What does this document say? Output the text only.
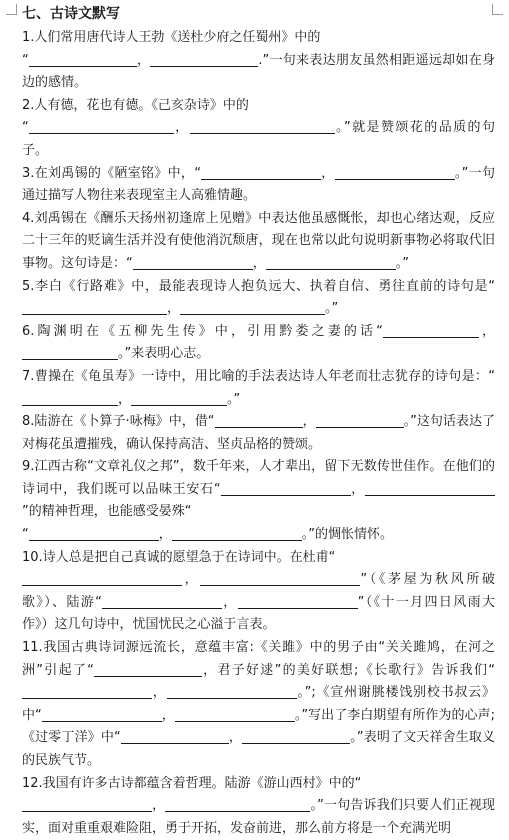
七、古诗文默写

1.人们常用唐代诗人王勃《送杜少府之任蜀州》中的
“	，	.”一句来表达朋友虽然相距遥远却如在身边的感情。

2.人有德，花也有德。《己亥杂诗》中的
“	，	。”就是赞颂花的品质的句子。

3.在刘禹锡的《陋室铭》中，“	，	。”一句通过描写人物往来表现室主人高雅情趣。

4.刘禹锡在《酬乐天扬州初逢席上见赠》中表达他虽感慨怅，却也心绪达观，反应二十三年的贬谪生活并没有使他消沉颓唐，现在也常以此句说明新事物必将取代旧事物。这句诗是：“	，	。”

5.李白《行路难》中，最能表现诗人抱负远大、执着自信、勇往直前的诗句是“，	。”

6.陶渊明在《五柳先生传》中，引用黔娄之妻的话“	，。”来表明心志。

7.曹操在《龟虽寿》一诗中，用比喻的手法表达诗人年老而壮志犹存的诗句是：“，	。”

8.陆游在《卜算子·咏梅》中，借“	，	。”这句话表达了对梅花虽遭摧残，确认保持高洁、坚贞品格的赞颂。

9.江西古称“文章礼仪之邦”，数千年来，人才辈出，留下无数传世佳作。在他们的诗词中，我们既可以品味王安石“	，”的精神哲理，也能感受晏殊“
“	，	。”的惆怅情怀。

10.诗人总是把自己真诚的愿望急于在诗词中。在杜甫“
，	”（《茅屋为秋风所破歌》）、陆游“	，	”（《十一月四日风雨大作》）这几句诗中，忧国忧民之心溢于言表。

11.我国古典诗词源远流长，意蕴丰富:《关雎》中的男子由“关关雎鸠，在河之洲”引起了“	，君子好逑”的美好联想;《长歌行》告诉我们“，	。”;《宣州谢朓楼饯别校书叔云》中“	，	。”写出了李白期望有所作为的心声;《过零丁洋》中“	，	。”表明了文天祥舍生取义的民族气节。

12.我国有许多古诗都蕴含着哲理。陆游《游山西村》中的“
，	。”一句告诉我们只要人们正视现实，面对重重艰难险阻，勇于开拓，发奋前进，那么前方将是一个充满光明
